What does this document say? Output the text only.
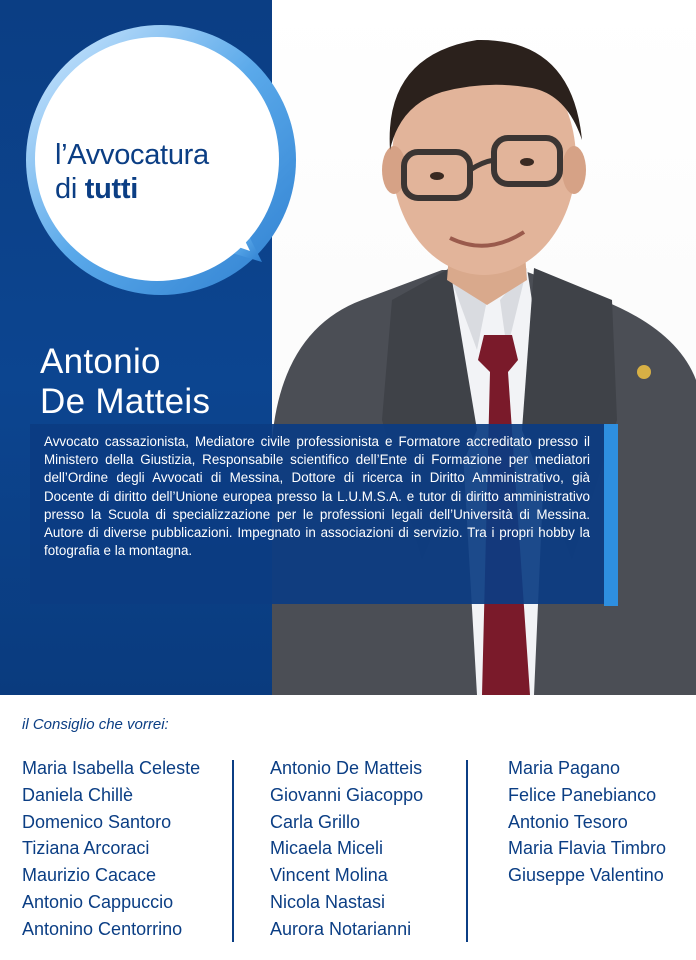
l’Avvocatura
di tutti
Antonio
De Matteis
Avvocato cassazionista, Mediatore civile professionista e Formatore accreditato presso il Ministero della Giustizia, Responsabile scientifico dell’Ente di Formazione per mediatori dell’Ordine degli Avvocati di Messina, Dottore di ricerca in Diritto Amministrativo, già Docente di diritto dell’Unione europea presso la L.U.M.S.A. e tutor di diritto amministrativo presso la Scuola di specializzazione per le professioni legali dell’Università di Messina. Autore di diverse pubblicazioni. Impegnato in associazioni di servizio. Tra i propri hobby la fotografia e la montagna.
il Consiglio che vorrei:
Maria Isabella Celeste
Daniela Chillè
Domenico Santoro
Tiziana Arcoraci
Maurizio Cacace
Antonio Cappuccio
Antonino Centorrino
Antonio De Matteis
Giovanni Giacoppo
Carla Grillo
Micaela Miceli
Vincent Molina
Nicola Nastasi
Aurora Notarianni
Maria Pagano
Felice Panebianco
Antonio Tesoro
Maria Flavia Timbro
Giuseppe Valentino
